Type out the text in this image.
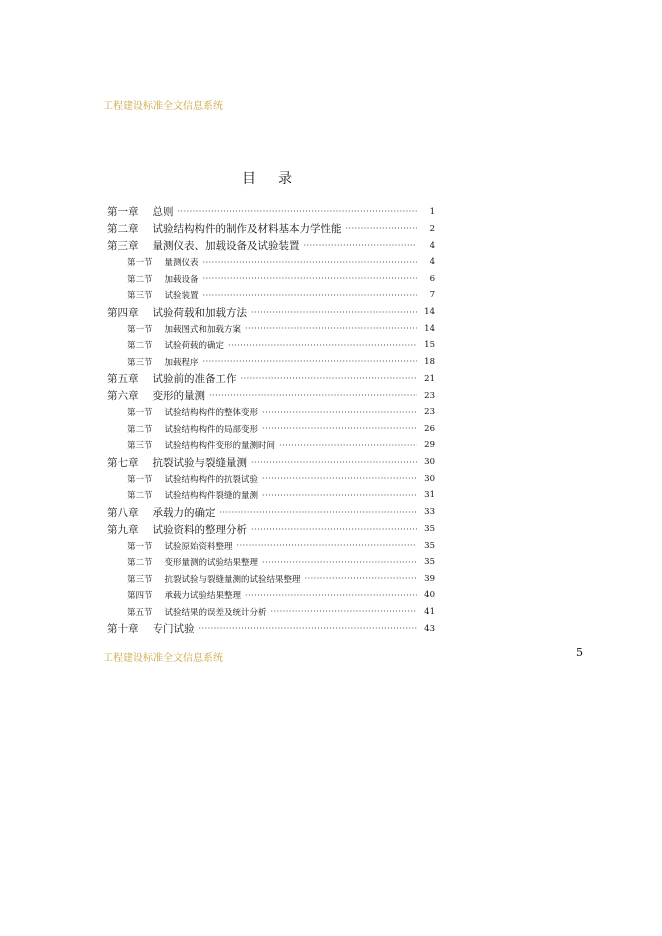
工程建设标准全文信息系统
目录
第一章 总则 ·····	1
第二章 试验结构构件的制作及材料基本力学性能 ·····	2
第三章 量测仪表、加载设备及试验装置 ·····	4
第一节 量测仪表 ·····	4
第二节 加载设备 ·····	6
第三节 试验装置 ·····	7
第四章 试验荷载和加载方法 ·····	14
第一节 加载图式和加载方案 ·····	14
第二节 试验荷载的确定 ·····	15
第三节 加载程序 ·····	18
第五章 试验前的准备工作 ·····	21
第六章 变形的量测 ·····	23
第一节 试验结构构件的整体变形 ·····	23
第二节 试验结构构件的局部变形 ·····	26
第三节 试验结构构件变形的量测时间 ·····	29
第七章 抗裂试验与裂缝量测 ·····	30
第一节 试验结构构件的抗裂试验 ·····	30
第二节 试验结构构件裂缝的量测 ·····	31
第八章 承载力的确定 ·····	33
第九章 试验资料的整理分析 ·····	35
第一节 试验原始资料整理 ·····	35
第二节 变形量测的试验结果整理 ·····	35
第三节 抗裂试验与裂缝量测的试验结果整理 ·····	39
第四节 承载力试验结果整理 ·····	40
第五节 试验结果的误差及统计分析 ·····	41
第十章 专门试验 ·····	43
工程建设标准全文信息系统	5
